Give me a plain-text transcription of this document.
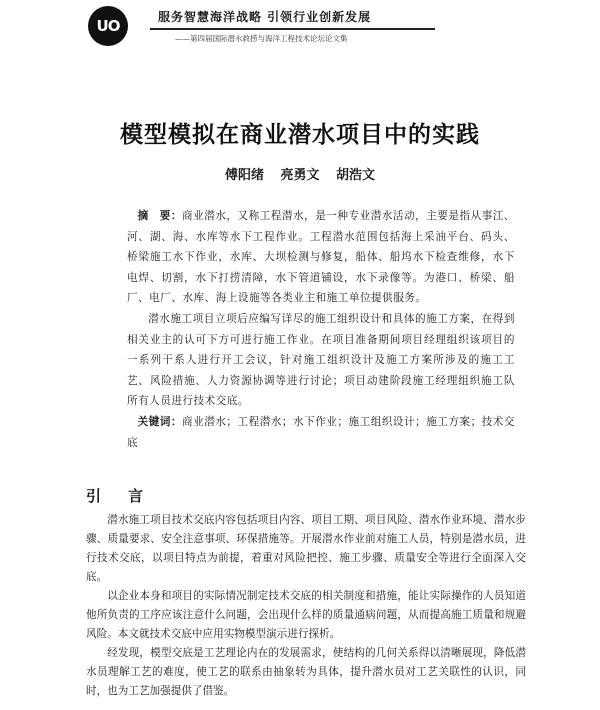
UO	服务智慧海洋战略 引领行业创新发展
——第四届国际潜水救捞与海洋工程技术论坛论文集
模型模拟在商业潜水项目中的实践
傅阳绪 亮勇文 胡浩文

摘　要：商业潜水，又称工程潜水，是一种专业潜水活动，主要是指从事江、河、湖、海、水库等水下工程作业。工程潜水范围包括海上采油平台、码头、桥梁施工水下作业，水库、大坝检测与修复，船体、船坞水下检查维修，水下电焊、切割，水下打捞清障，水下管道铺设，水下录像等。为港口、桥梁、船厂、电厂、水库、海上设施等各类业主和施工单位提供服务。

潜水施工项目立项后应编写详尽的施工组织设计和具体的施工方案，在得到相关业主的认可下方可进行施工作业。在项目准备期间项目经理组织该项目的一系列干系人进行开工会议，针对施工组织设计及施工方案所涉及的施工工艺、风险措施、人力资源协调等进行讨论；项目动建阶段施工经理组织施工队所有人员进行技术交底。

关键词：商业潜水；工程潜水；水下作业；施工组织设计；施工方案；技术交底

引　言

潜水施工项目技术交底内容包括项目内容、项目工期、项目风险、潜水作业环境、潜水步骤、质量要求、安全注意事项、环保措施等。开展潜水作业前对施工人员，特别是潜水员，进行技术交底，以项目特点为前提，着重对风险把控、施工步骤、质量安全等进行全面深入交底。

以企业本身和项目的实际情况制定技术交底的相关制度和措施，能让实际操作的人员知道他所负责的工序应该注意什么问题，会出现什么样的质量通病问题，从而提高施工质量和规避风险。本文就技术交底中应用实物模型演示进行探析。

经发现，模型交底是工艺理论内在的发展需求，使结构的几何关系得以清晰展现，降低潜水员理解工艺的难度，使工艺的联系由抽象转为具体，提升潜水员对工艺关联性的认识，同时，也为工艺加强提供了借鉴。
